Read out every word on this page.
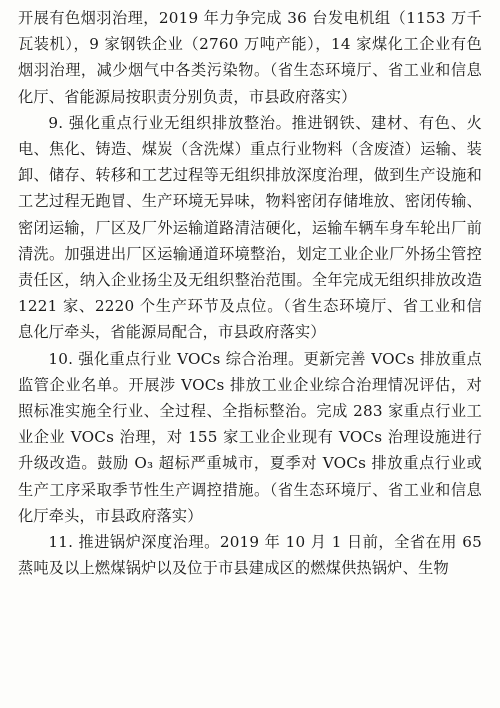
开展有色烟羽治理，2019 年力争完成 36 台发电机组（1153 万千瓦装机），9 家钢铁企业（2760 万吨产能），14 家煤化工企业有色烟羽治理，减少烟气中各类污染物。（省生态环境厅、省工业和信息化厅、省能源局按职责分别负责，市县政府落实）

9. 强化重点行业无组织排放整治。推进钢铁、建材、有色、火电、焦化、铸造、煤炭（含洗煤）重点行业物料（含废渣）运输、装卸、储存、转移和工艺过程等无组织排放深度治理，做到生产设施和工艺过程无跑冒、生产环境无异味，物料密闭存储堆放、密闭传输、密闭运输，厂区及厂外运输道路清洁硬化，运输车辆车身车轮出厂前清洗。加强进出厂区运输通道环境整治，划定工业企业厂外扬尘管控责任区，纳入企业扬尘及无组织整治范围。全年完成无组织排放改造 1221 家、2220 个生产环节及点位。（省生态环境厅、省工业和信息化厅牵头，省能源局配合，市县政府落实）

10. 强化重点行业 VOCs 综合治理。更新完善 VOCs 排放重点监管企业名单。开展涉 VOCs 排放工业企业综合治理情况评估，对照标准实施全行业、全过程、全指标整治。完成 283 家重点行业工业企业 VOCs 治理，对 155 家工业企业现有 VOCs 治理设施进行升级改造。鼓励 O₃ 超标严重城市，夏季对 VOCs 排放重点行业或生产工序采取季节性生产调控措施。（省生态环境厅、省工业和信息化厅牵头，市县政府落实）

11. 推进锅炉深度治理。2019 年 10 月 1 日前，全省在用 65 蒸吨及以上燃煤锅炉以及位于市县建成区的燃煤供热锅炉、生物
